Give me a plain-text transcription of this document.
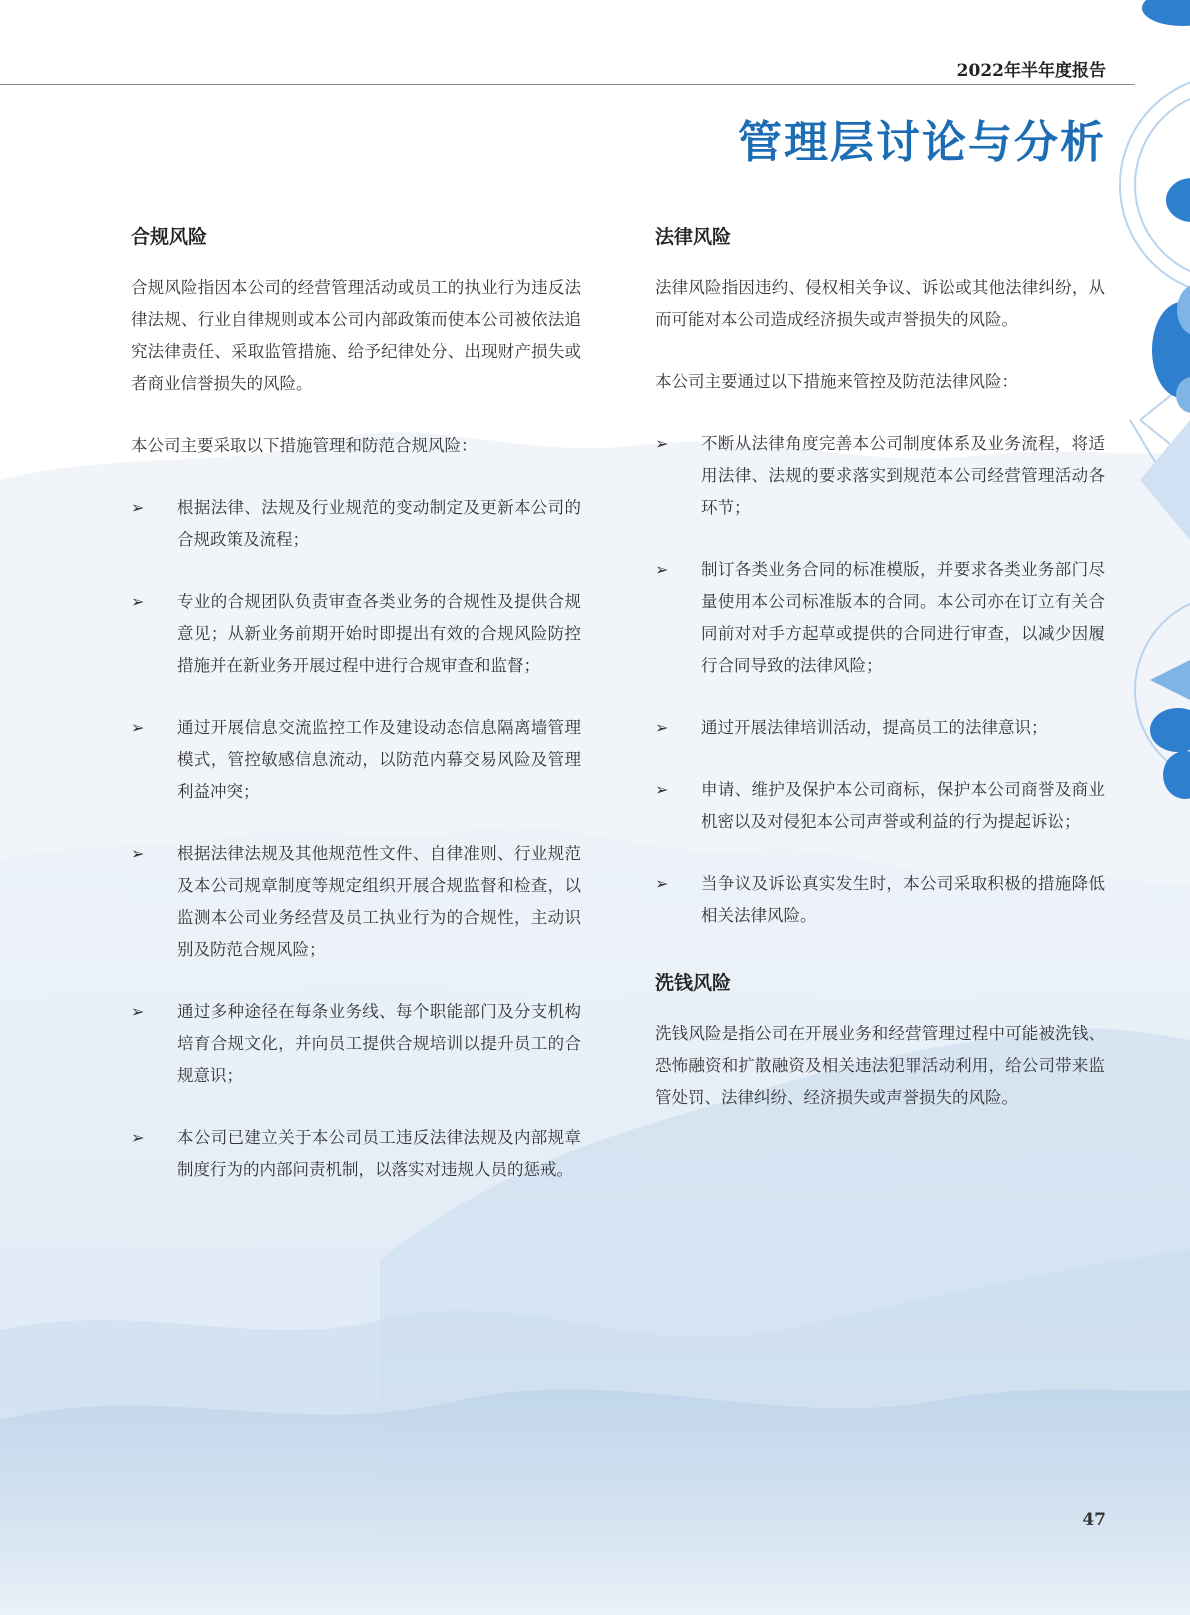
2022年半年度报告
管理层讨论与分析
合规风险

合规风险指因本公司的经营管理活动或员工的执业行为违反法律法规、行业自律规则或本公司内部政策而使本公司被依法追究法律责任、采取监管措施、给予纪律处分、出现财产损失或者商业信誉损失的风险。

本公司主要采取以下措施管理和防范合规风险：

➢ 根据法律、法规及行业规范的变动制定及更新本公司的合规政策及流程；
➢ 专业的合规团队负责审查各类业务的合规性及提供合规意见；从新业务前期开始时即提出有效的合规风险防控措施并在新业务开展过程中进行合规审查和监督；
➢ 通过开展信息交流监控工作及建设动态信息隔离墙管理模式，管控敏感信息流动，以防范内幕交易风险及管理利益冲突；
➢ 根据法律法规及其他规范性文件、自律准则、行业规范及本公司规章制度等规定组织开展合规监督和检查，以监测本公司业务经营及员工执业行为的合规性，主动识别及防范合规风险；
➢ 通过多种途径在每条业务线、每个职能部门及分支机构培育合规文化，并向员工提供合规培训以提升员工的合规意识；
➢ 本公司已建立关于本公司员工违反法律法规及内部规章制度行为的内部问责机制，以落实对违规人员的惩戒。
法律风险

法律风险指因违约、侵权相关争议、诉讼或其他法律纠纷，从而可能对本公司造成经济损失或声誉损失的风险。

本公司主要通过以下措施来管控及防范法律风险：

➢ 不断从法律角度完善本公司制度体系及业务流程，将适用法律、法规的要求落实到规范本公司经营管理活动各环节；
➢ 制订各类业务合同的标准模版，并要求各类业务部门尽量使用本公司标准版本的合同。本公司亦在订立有关合同前对对手方起草或提供的合同进行审查，以减少因履行合同导致的法律风险；
➢ 通过开展法律培训活动，提高员工的法律意识；
➢ 申请、维护及保护本公司商标，保护本公司商誉及商业机密以及对侵犯本公司声誉或利益的行为提起诉讼；
➢ 当争议及诉讼真实发生时，本公司采取积极的措施降低相关法律风险。
洗钱风险

洗钱风险是指公司在开展业务和经营管理过程中可能被洗钱、恐怖融资和扩散融资及相关违法犯罪活动利用，给公司带来监管处罚、法律纠纷、经济损失或声誉损失的风险。

47
